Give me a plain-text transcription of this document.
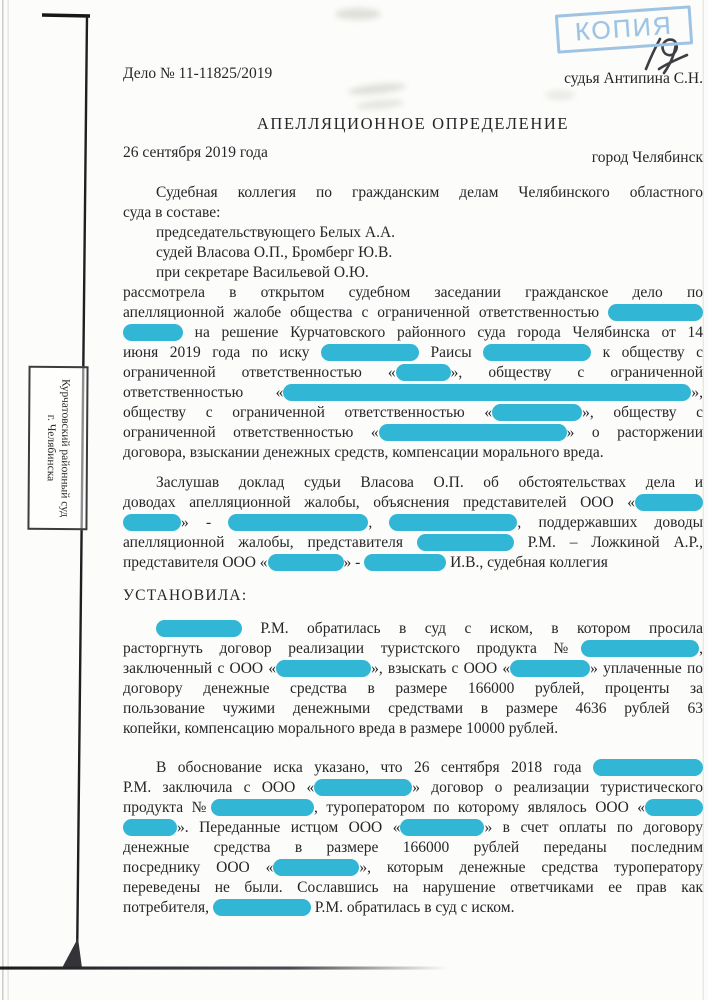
КОПИЯ
Курчатовский районный суд
г. Челябинска
Дело № 11-11825/2019	судья Антипина С.Н.
АПЕЛЛЯЦИОННОЕ ОПРЕДЕЛЕНИЕ
26 сентября 2019 года	город Челябинск
Судебная коллегия по гражданским делам Челябинского областного
суда в составе:
председательствующего Белых А.А.
судей Власова О.П., Бромберг Ю.В.
при секретаре Васильевой О.Ю.
рассмотрела в открытом судебном заседании гражданское дело по
апелляционной жалобе общества с ограниченной ответственностью
на решение Курчатовского районного суда города Челябинска от 14
июня 2019 года по иску	Раисы	к обществу с
ограниченной ответственностью «	», обществу с ограниченной
ответственностью «	»,
обществу с ограниченной ответственностью «	», обществу с
ограниченной ответственностью «	» о расторжении
договора, взыскании денежных средств, компенсации морального вреда.
Заслушав доклад судьи Власова О.П. об обстоятельствах дела и
доводах апелляционной жалобы, объяснения представителей ООО «
» -	,	, поддержавших доводы
апелляционной жалобы, представителя	Р.М. – Ложкиной А.Р.,
представителя ООО «	» -	И.В., судебная коллегия
УСТАНОВИЛА:
Р.М. обратилась в суд с иском, в котором просила
расторгнуть договор реализации туристского продукта №	,
заключенный с ООО «	», взыскать с ООО «	» уплаченные по
договору денежные средства в размере 166000 рублей, проценты за
пользование чужими денежными средствами в размере 4636 рублей 63
копейки, компенсацию морального вреда в размере 10000 рублей.
В обоснование иска указано, что 26 сентября 2018 года
Р.М. заключила с ООО «	» договор о реализации туристического
продукта №	, туроператором по которому являлось ООО «
». Переданные истцом ООО «	» в счет оплаты по договору
денежные средства в размере 166000 рублей переданы последним
посреднику ООО «	», которым денежные средства туроператору
переведены не были. Сославшись на нарушение ответчиками ее прав как
потребителя,	Р.М. обратилась в суд с иском.
